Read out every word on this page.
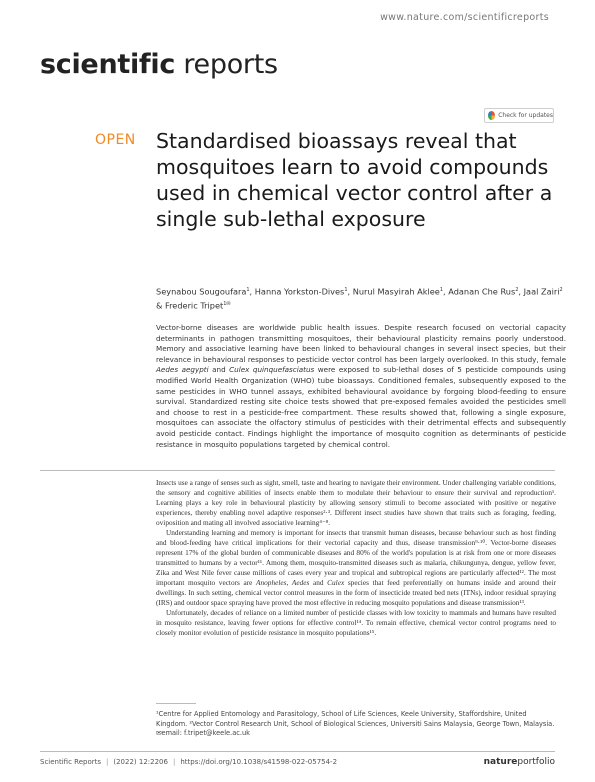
www.nature.com/scientificreports
scientific reports
Check for updates
OPEN Standardised bioassays reveal that mosquitoes learn to avoid compounds used in chemical vector control after a single sub‑lethal exposure
Seynabou Sougoufara$^1$, Hanna Yorkston-Dives$^1$, Nurul Masyirah Aklee$^1$, Adanan Che Rus$^2$, Jaal Zairi$^2$ & Frederic Tripet$^{1✉}$

Vector-borne diseases are worldwide public health issues. Despite research focused on vectorial capacity determinants in pathogen transmitting mosquitoes, their behavioural plasticity remains poorly understood. Memory and associative learning have been linked to behavioural changes in several insect species, but their relevance in behavioural responses to pesticide vector control has been largely overlooked. In this study, female Aedes aegypti and Culex quinquefasciatus were exposed to sub-lethal doses of 5 pesticide compounds using modified World Health Organization (WHO) tube bioassays. Conditioned females, subsequently exposed to the same pesticides in WHO tunnel assays, exhibited behavioural avoidance by forgoing blood-feeding to ensure survival. Standardized resting site choice tests showed that pre-exposed females avoided the pesticides smell and choose to rest in a pesticide-free compartment. These results showed that, following a single exposure, mosquitoes can associate the olfactory stimulus of pesticides with their detrimental effects and subsequently avoid pesticide contact. Findings highlight the importance of mosquito cognition as determinants of pesticide resistance in mosquito populations targeted by chemical control.

Insects use a range of senses such as sight, smell, taste and hearing to navigate their environment. Under challenging variable conditions, the sensory and cognitive abilities of insects enable them to modulate their behaviour to ensure their survival and reproduction¹. Learning plays a key role in behavioural plasticity by allowing sensory stimuli to become associated with positive or negative experiences, thereby enabling novel adaptive responses²·³. Different insect studies have shown that traits such as foraging, feeding, oviposition and mating all involved associative learning⁴⁻⁸.

Understanding learning and memory is important for insects that transmit human diseases, because behaviour such as host finding and blood-feeding have critical implications for their vectorial capacity and thus, disease transmission⁹·¹⁰. Vector-borne diseases represent 17% of the global burden of communicable diseases and 80% of the world's population is at risk from one or more diseases transmitted to humans by a vector¹¹. Among them, mosquito-transmitted diseases such as malaria, chikungunya, dengue, yellow fever, Zika and West Nile fever cause millions of cases every year and tropical and subtropical regions are particularly affected¹². The most important mosquito vectors are Anopheles, Aedes and Culex species that feed preferentially on humans inside and around their dwellings. In such setting, chemical vector control measures in the form of insecticide treated bed nets (ITNs), indoor residual spraying (IRS) and outdoor space spraying have proved the most effective in reducing mosquito populations and disease transmission¹³.

Unfortunately, decades of reliance on a limited number of pesticide classes with low toxicity to mammals and humans have resulted in mosquito resistance, leaving fewer options for effective control¹⁴. To remain effective, chemical vector control programs need to closely monitor evolution of pesticide resistance in mosquito populations¹⁵.

¹Centre for Applied Entomology and Parasitology, School of Life Sciences, Keele University, Staffordshire, United Kingdom. ²Vector Control Research Unit, School of Biological Sciences, Universiti Sains Malaysia, George Town, Malaysia. ✉email: f.tripet@keele.ac.uk

Scientific Reports | (2022) 12:2206 | https://doi.org/10.1038/s41598-022-05754-2	natureportfolio
